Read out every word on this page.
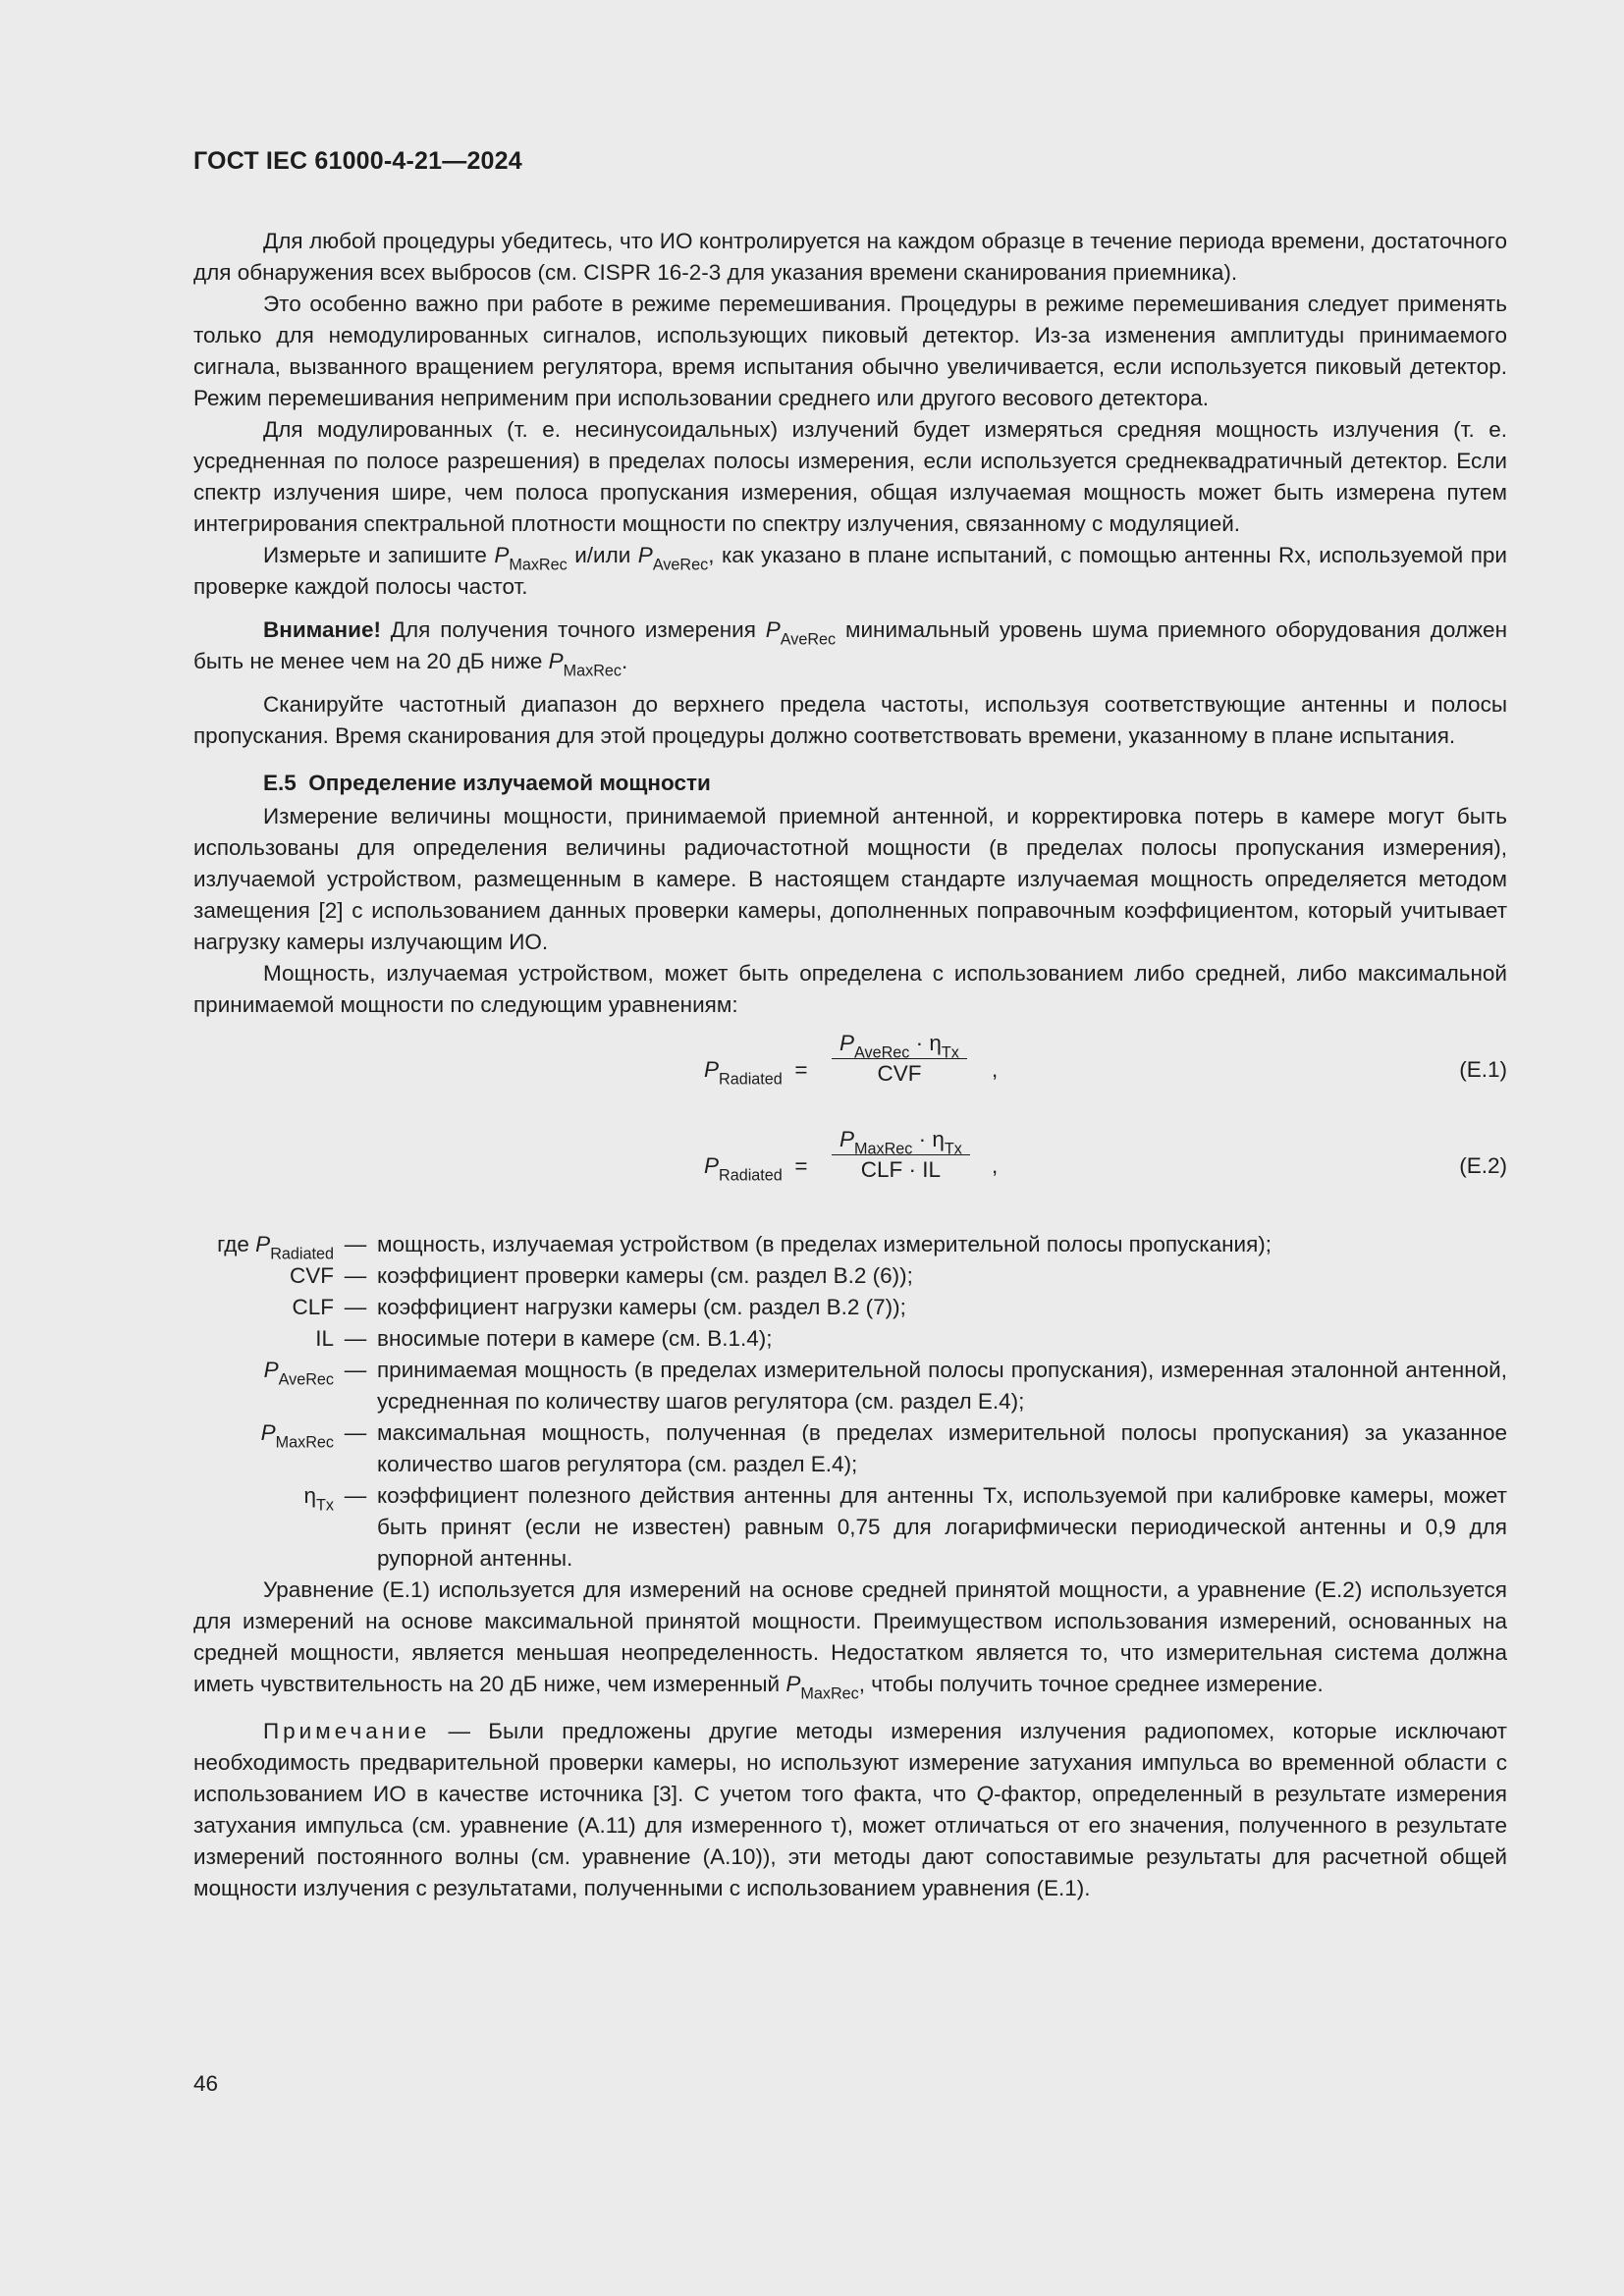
ГОСТ IEC 61000-4-21—2024

Для любой процедуры убедитесь, что ИО контролируется на каждом образце в течение периода времени, достаточного для обнаружения всех выбросов (см. CISPR 16-2-3 для указания времени сканирования приемника).

Это особенно важно при работе в режиме перемешивания. Процедуры в режиме перемешивания следует применять только для немодулированных сигналов, использующих пиковый детектор. Из-за изменения амплитуды принимаемого сигнала, вызванного вращением регулятора, время испытания обычно увеличивается, если используется пиковый детектор. Режим перемешивания неприменим при использовании среднего или другого весового детектора.

Для модулированных (т. е. несинусоидальных) излучений будет измеряться средняя мощность излучения (т. е. усредненная по полосе разрешения) в пределах полосы измерения, если используется среднеквадратичный детектор. Если спектр излучения шире, чем полоса пропускания измерения, общая излучаемая мощность может быть измерена путем интегрирования спектральной плотности мощности по спектру излучения, связанному с модуляцией.

Измерьте и запишите $P_{MaxRec}$ и/или $P_{AveRec}$, как указано в плане испытаний, с помощью антенны Rx, используемой при проверке каждой полосы частот.

Внимание! Для получения точного измерения $P_{AveRec}$ минимальный уровень шума приемного оборудования должен быть не менее чем на 20 дБ ниже $P_{MaxRec}$.

Сканируйте частотный диапазон до верхнего предела частоты, используя соответствующие антенны и полосы пропускания. Время сканирования для этой процедуры должно соответствовать времени, указанному в плане испытания.

Е.5 Определение излучаемой мощности

Измерение величины мощности, принимаемой приемной антенной, и корректировка потерь в камере могут быть использованы для определения величины радиочастотной мощности (в пределах полосы пропускания измерения), излучаемой устройством, размещенным в камере. В настоящем стандарте излучаемая мощность определяется методом замещения [2] с использованием данных проверки камеры, дополненных поправочным коэффициентом, который учитывает нагрузку камеры излучающим ИО.

Мощность, излучаемая устройством, может быть определена с использованием либо средней, либо максимальной принимаемой мощности по следующим уравнениям:

$P_{Radiated}$ =
$P_{AveRec} \cdot \eta_{Tx}$
CVF	,	(Е.1)
$P_{Radiated}$ =
$P_{MaxRec} \cdot \eta_{Tx}$
CLF · IL	,	(Е.2)
где $P_{Radiated}$ — мощность, излучаемая устройством (в пределах измерительной полосы пропускания);
CVF — коэффициент проверки камеры (см. раздел В.2 (6));
CLF — коэффициент нагрузки камеры (см. раздел В.2 (7));
IL — вносимые потери в камере (см. В.1.4);
$P_{AveRec}$ — принимаемая мощность (в пределах измерительной полосы пропускания), измеренная эталонной антенной, усредненная по количеству шагов регулятора (см. раздел Е.4);
$P_{MaxRec}$ — максимальная мощность, полученная (в пределах измерительной полосы пропускания) за указанное количество шагов регулятора (см. раздел Е.4);
$\eta_{Tx}$ — коэффициент полезного действия антенны для антенны Tx, используемой при калибровке камеры, может быть принят (если не известен) равным 0,75 для логарифмически периодической антенны и 0,9 для рупорной антенны.

Уравнение (Е.1) используется для измерений на основе средней принятой мощности, а уравнение (Е.2) используется для измерений на основе максимальной принятой мощности. Преимуществом использования измерений, основанных на средней мощности, является меньшая неопределенность. Недостатком является то, что измерительная система должна иметь чувствительность на 20 дБ ниже, чем измеренный $P_{MaxRec}$, чтобы получить точное среднее измерение.

Примечание — Были предложены другие методы измерения излучения радиопомех, которые исключают необходимость предварительной проверки камеры, но используют измерение затухания импульса во временной области с использованием ИО в качестве источника [3]. С учетом того факта, что Q-фактор, определенный в результате измерения затухания импульса (см. уравнение (А.11) для измеренного τ), может отличаться от его значения, полученного в результате измерений постоянного волны (см. уравнение (А.10)), эти методы дают сопоставимые результаты для расчетной общей мощности излучения с результатами, полученными с использованием уравнения (Е.1).

46
